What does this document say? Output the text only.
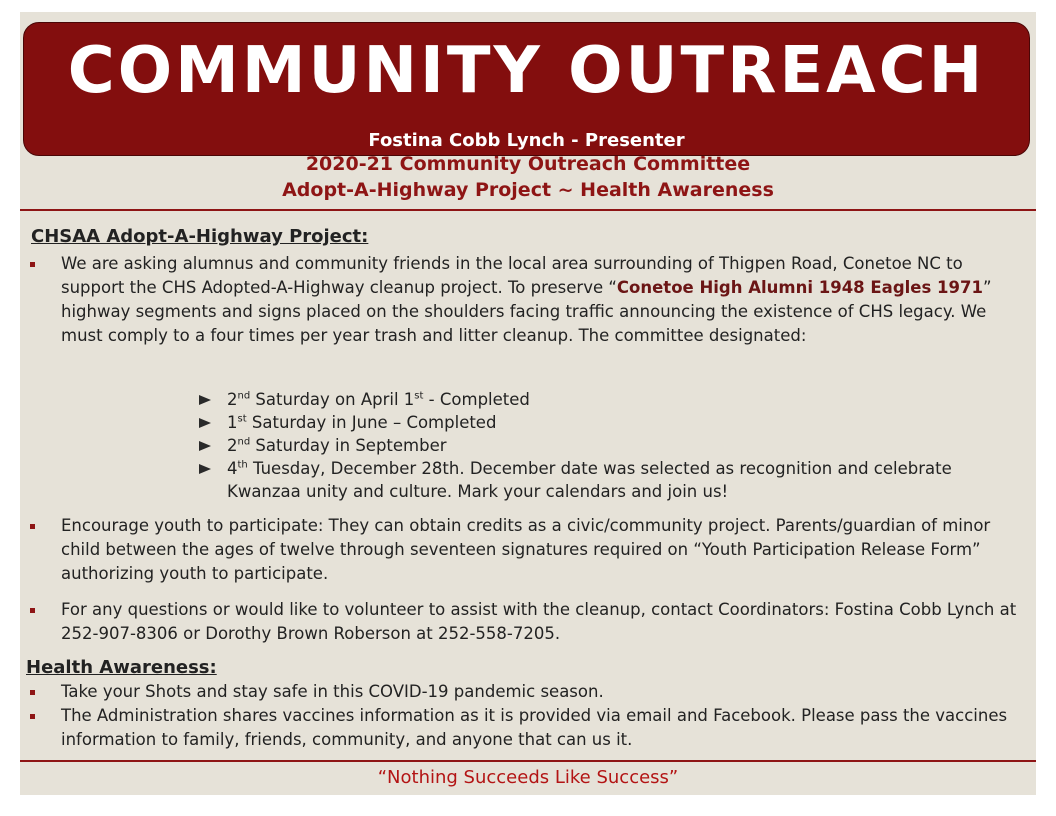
COMMUNITY OUTREACH
Fostina Cobb Lynch - Presenter
2020-21 Community Outreach Committee
Adopt-A-Highway Project ~ Health Awareness
CHSAA Adopt-A-Highway Project:
We are asking alumnus and community friends in the local area surrounding of Thigpen Road, Conetoe NC to support the CHS Adopted-A-Highway cleanup project. To preserve “Conetoe High Alumni 1948 Eagles 1971” highway segments and signs placed on the shoulders facing traffic announcing the existence of CHS legacy. We must comply to a four times per year trash and litter cleanup. The committee designated:
2nd Saturday on April 1st - Completed
1st Saturday in June – Completed
2nd Saturday in September
4th Tuesday, December 28th. December date was selected as recognition and celebrate Kwanzaa unity and culture. Mark your calendars and join us!
Encourage youth to participate: They can obtain credits as a civic/community project. Parents/guardian of minor child between the ages of twelve through seventeen signatures required on “Youth Participation Release Form” authorizing youth to participate.
For any questions or would like to volunteer to assist with the cleanup, contact Coordinators: Fostina Cobb Lynch at 252-907-8306 or Dorothy Brown Roberson at 252-558-7205.
Health Awareness:
Take your Shots and stay safe in this COVID-19 pandemic season.
The Administration shares vaccines information as it is provided via email and Facebook. Please pass the vaccines information to family, friends, community, and anyone that can us it.
“Nothing Succeeds Like Success”
